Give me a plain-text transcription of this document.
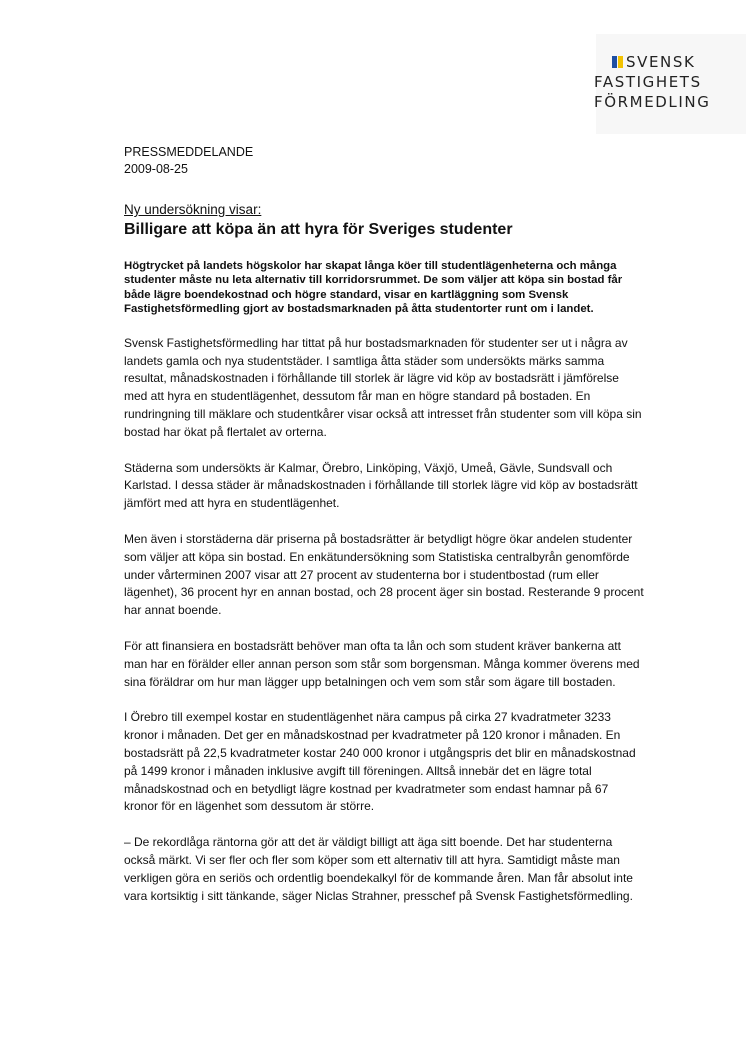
SVENSK
FASTIGHETS
FÖRMEDLING
PRESSMEDDELANDE
2009-08-25
Ny undersökning visar:
Billigare att köpa än att hyra för Sveriges studenter

Högtrycket på landets högskolor har skapat långa köer till studentlägenheterna och många studenter måste nu leta alternativ till korridorsrummet. De som väljer att köpa sin bostad får både lägre boendekostnad och högre standard, visar en kartläggning som Svensk Fastighetsförmedling gjort av bostadsmarknaden på åtta studentorter runt om i landet.

Svensk Fastighetsförmedling har tittat på hur bostadsmarknaden för studenter ser ut i några av landets gamla och nya studentstäder. I samtliga åtta städer som undersökts märks samma resultat, månadskostnaden i förhållande till storlek är lägre vid köp av bostadsrätt i jämförelse med att hyra en studentlägenhet, dessutom får man en högre standard på bostaden. En rundringning till mäklare och studentkårer visar också att intresset från studenter som vill köpa sin bostad har ökat på flertalet av orterna.

Städerna som undersökts är Kalmar, Örebro, Linköping, Växjö, Umeå, Gävle, Sundsvall och Karlstad. I dessa städer är månadskostnaden i förhållande till storlek lägre vid köp av bostadsrätt jämfört med att hyra en studentlägenhet.

Men även i storstäderna där priserna på bostadsrätter är betydligt högre ökar andelen studenter som väljer att köpa sin bostad. En enkätundersökning som Statistiska centralbyrån genomförde under vårterminen 2007 visar att 27 procent av studenterna bor i studentbostad (rum eller lägenhet), 36 procent hyr en annan bostad, och 28 procent äger sin bostad. Resterande 9 procent har annat boende.

För att finansiera en bostadsrätt behöver man ofta ta lån och som student kräver bankerna att man har en förälder eller annan person som står som borgensman. Många kommer överens med sina föräldrar om hur man lägger upp betalningen och vem som står som ägare till bostaden.

I Örebro till exempel kostar en studentlägenhet nära campus på cirka 27 kvadratmeter 3233 kronor i månaden. Det ger en månadskostnad per kvadratmeter på 120 kronor i månaden. En bostadsrätt på 22,5 kvadratmeter kostar 240 000 kronor i utgångspris det blir en månadskostnad på 1499 kronor i månaden inklusive avgift till föreningen. Alltså innebär det en lägre total månadskostnad och en betydligt lägre kostnad per kvadratmeter som endast hamnar på 67 kronor för en lägenhet som dessutom är större.

– De rekordlåga räntorna gör att det är väldigt billigt att äga sitt boende. Det har studenterna också märkt. Vi ser fler och fler som köper som ett alternativ till att hyra. Samtidigt måste man verkligen göra en seriös och ordentlig boendekalkyl för de kommande åren. Man får absolut inte vara kortsiktig i sitt tänkande, säger Niclas Strahner, presschef på Svensk Fastighetsförmedling.
